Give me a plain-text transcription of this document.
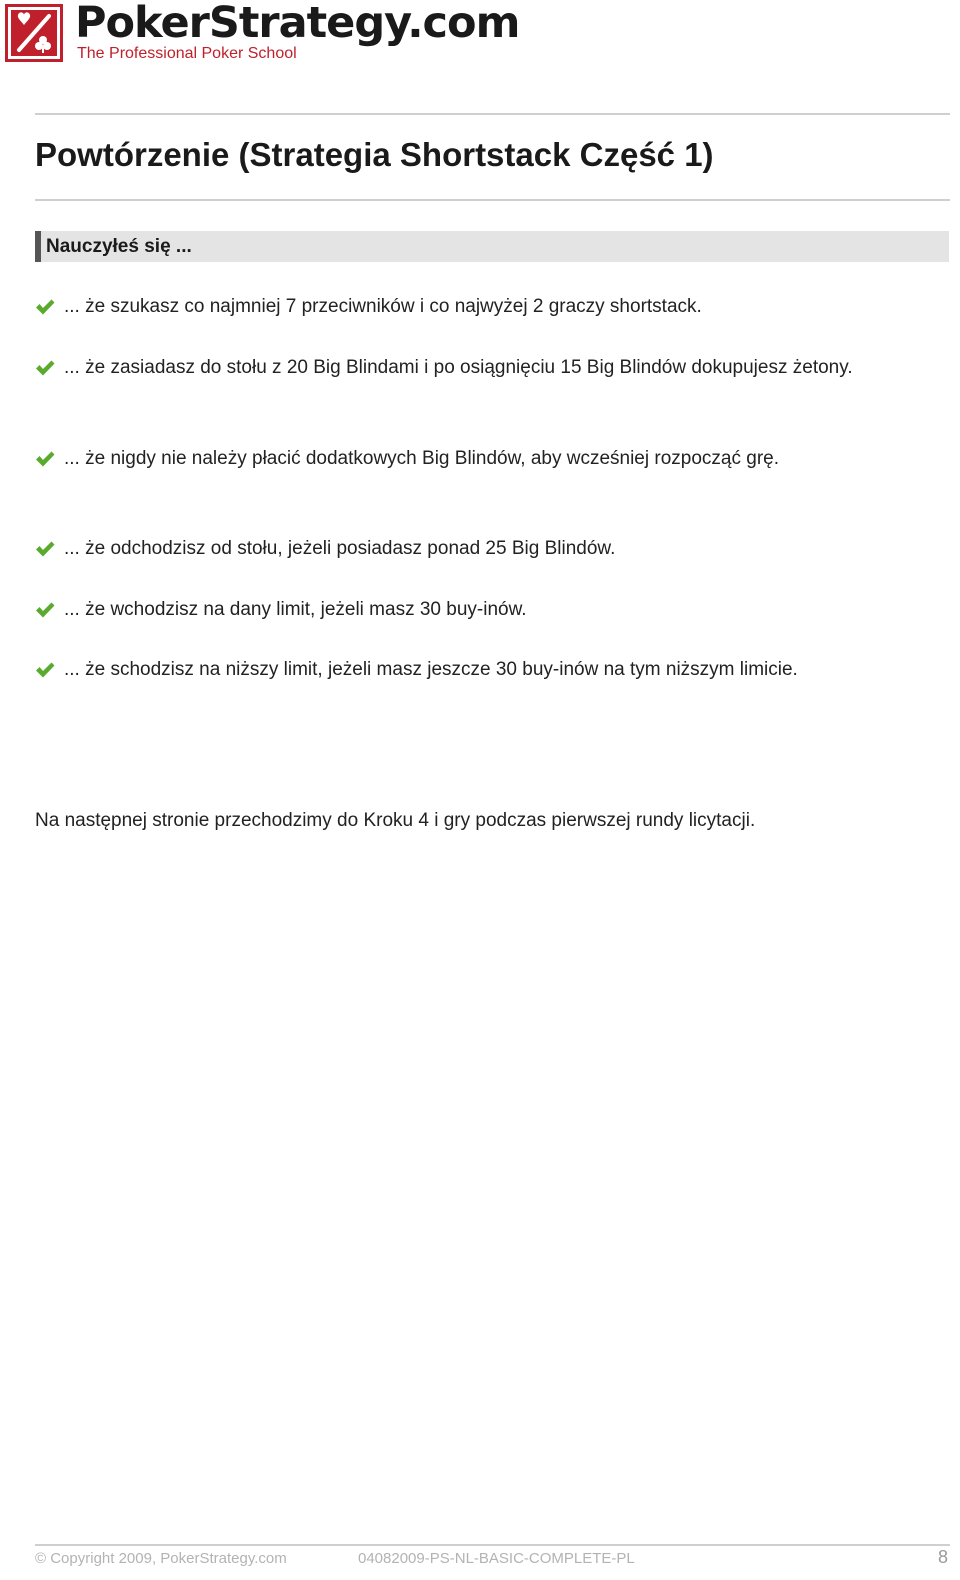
PokerStrategy.com
The Professional Poker School
Powtórzenie (Strategia Shortstack Część 1)
Nauczyłeś się ...
... że szukasz co najmniej 7 przeciwników i co najwyżej 2 graczy shortstack.
... że zasiadasz do stołu z 20 Big Blindami i po osiągnięciu 15 Big Blindów dokupujesz żetony.
... że nigdy nie należy płacić dodatkowych Big Blindów, aby wcześniej rozpocząć grę.
... że odchodzisz od stołu, jeżeli posiadasz ponad 25 Big Blindów.
... że wchodzisz na dany limit, jeżeli masz 30 buy-inów.
... że schodzisz na niższy limit, jeżeli masz jeszcze 30 buy-inów na tym niższym limicie.
Na następnej stronie przechodzimy do Kroku 4 i gry podczas pierwszej rundy licytacji.
© Copyright 2009, PokerStrategy.com	04082009-PS-NL-BASIC-COMPLETE-PL	8
